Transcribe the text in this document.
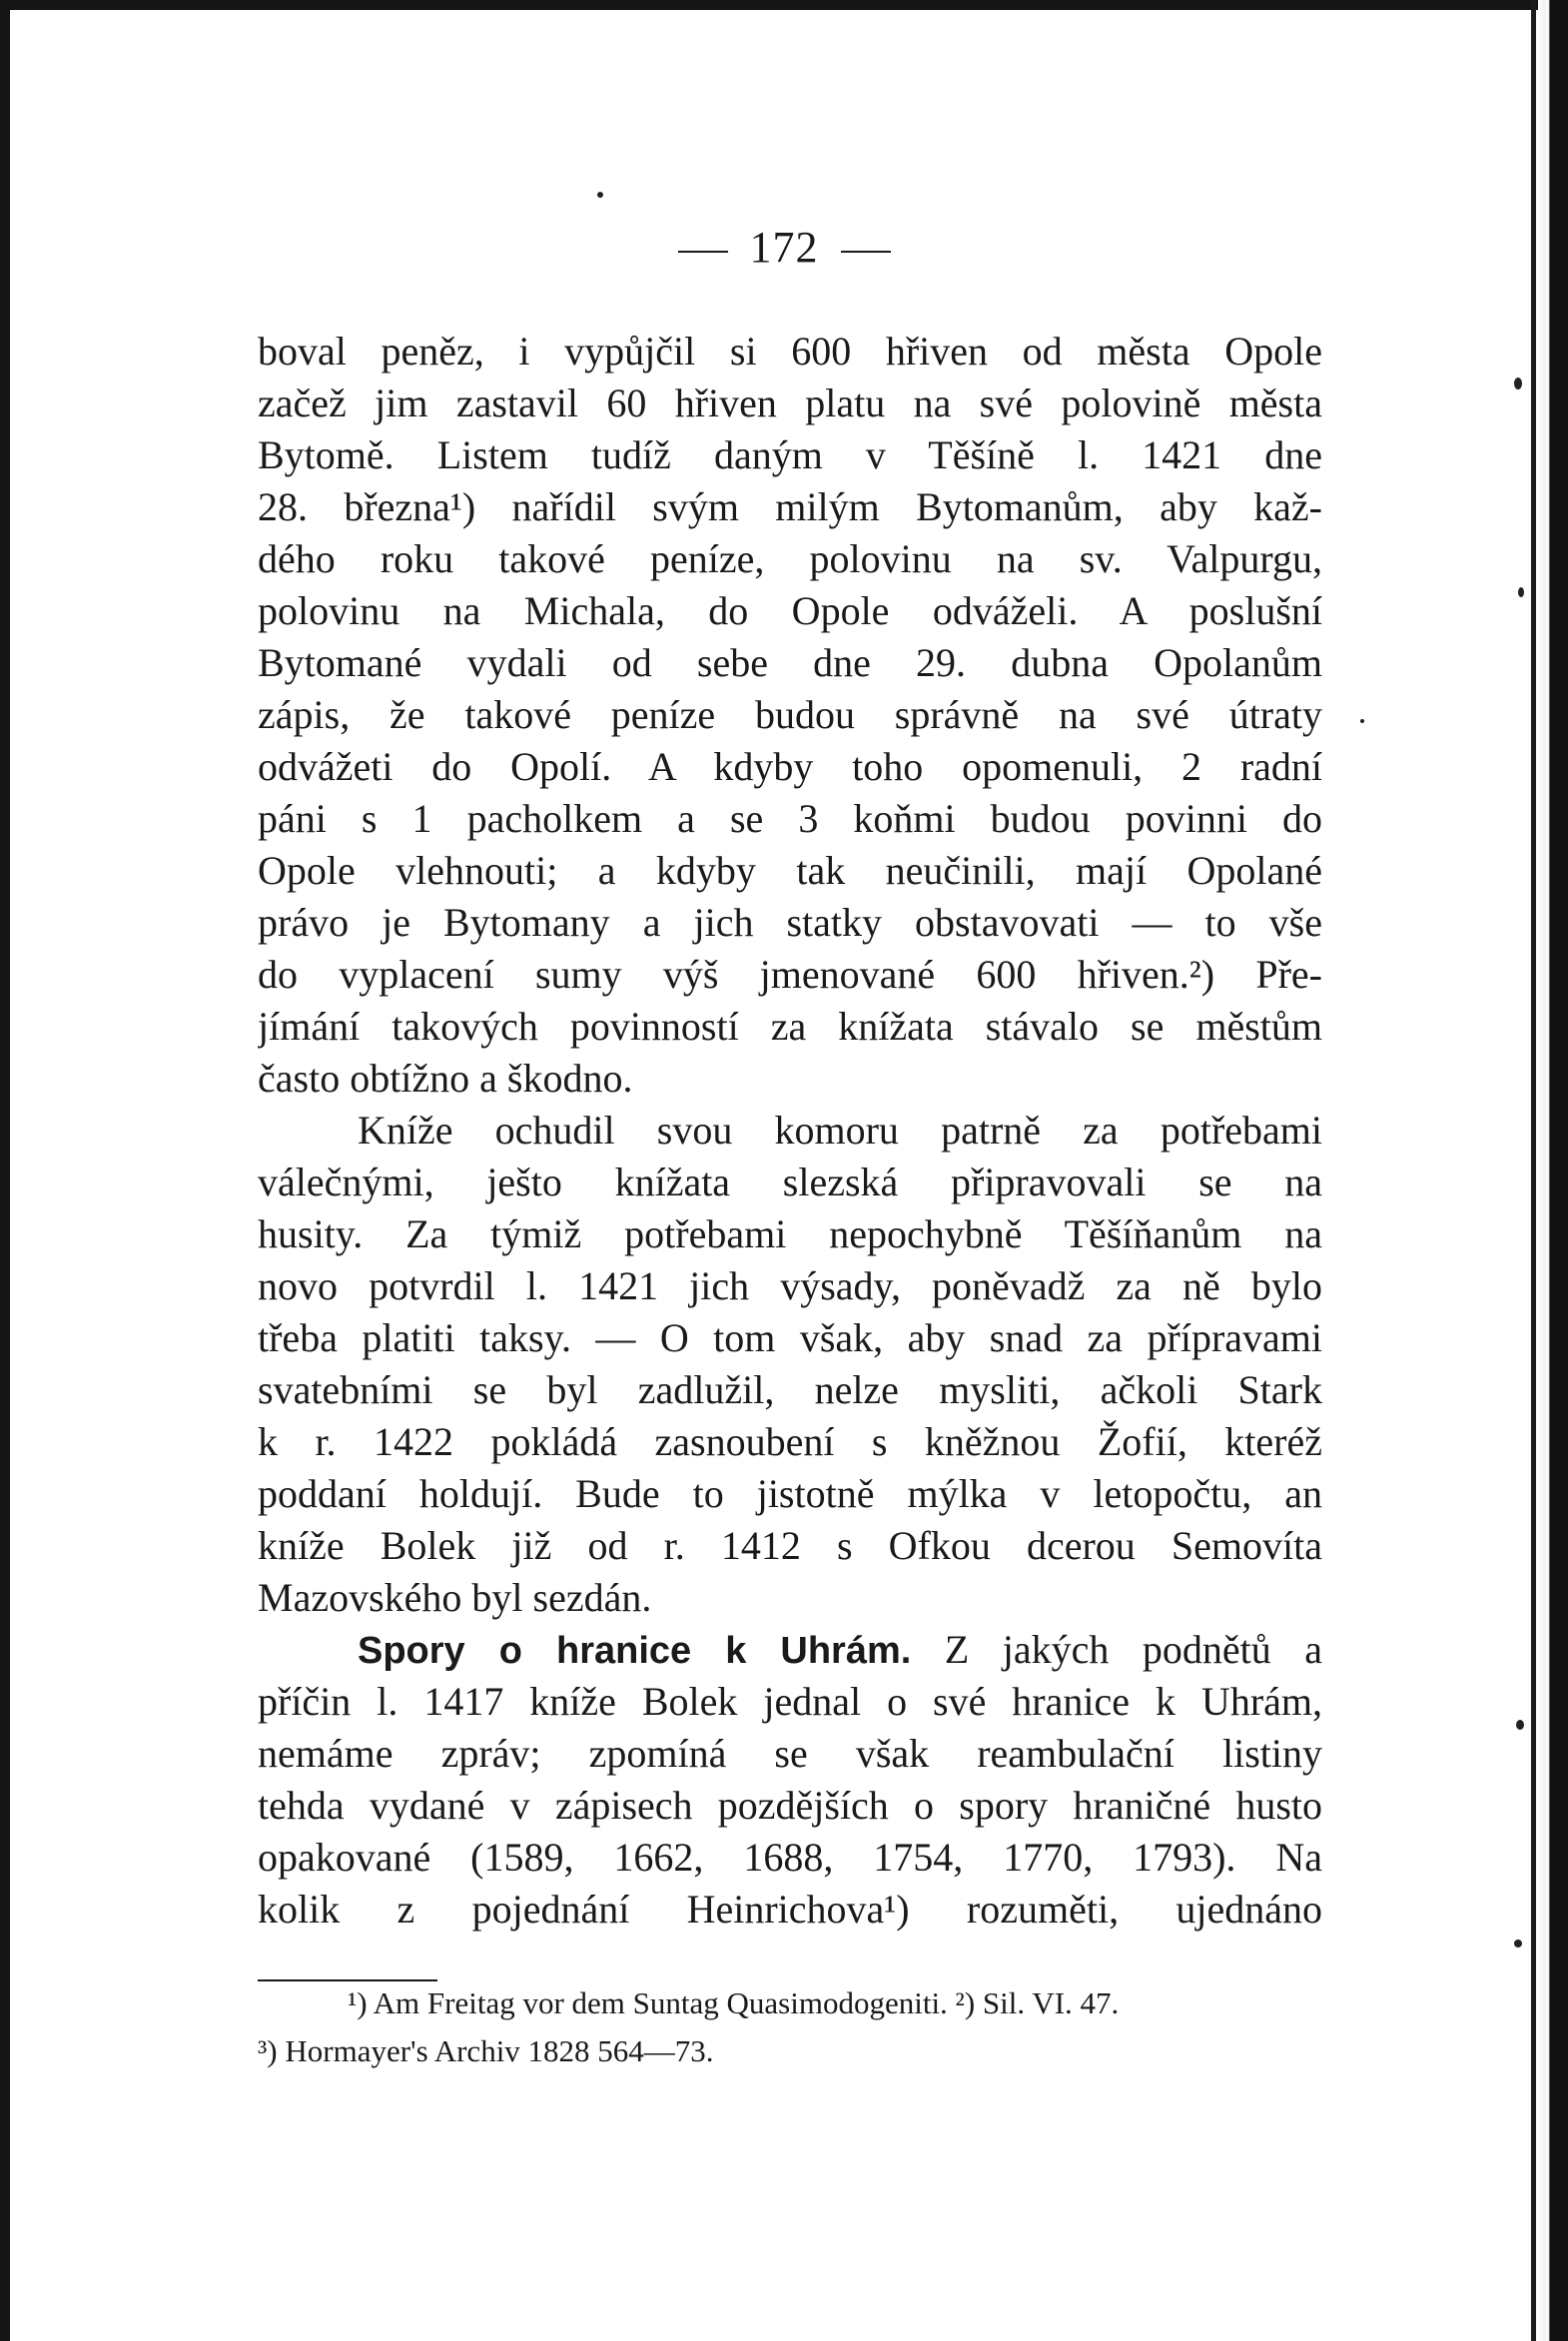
172
boval peněz, i vypůjčil si 600 hřiven od města Opole
začež jim zastavil 60 hřiven platu na své polovině města
Bytomě. Listem tudíž daným v Těšíně l. 1421 dne
28. března¹) nařídil svým milým Bytomanům, aby kaž-
dého roku takové peníze, polovinu na sv. Valpurgu,
polovinu na Michala, do Opole odváželi. A poslušní
Bytomané vydali od sebe dne 29. dubna Opolanům
zápis, že takové peníze budou správně na své útraty
odvážeti do Opolí. A kdyby toho opomenuli, 2 radní
páni s 1 pacholkem a se 3 koňmi budou povinni do
Opole vlehnouti; a kdyby tak neučinili, mají Opolané
právo je Bytomany a jich statky obstavovati — to vše
do vyplacení sumy výš jmenované 600 hřiven.²) Pře-
jímání takových povinností za knížata stávalo se městům
často obtížno a škodno.
Kníže ochudil svou komoru patrně za potřebami
válečnými, ješto knížata slezská připravovali se na
husity. Za týmiž potřebami nepochybně Těšíňanům na
novo potvrdil l. 1421 jich výsady, poněvadž za ně bylo
třeba platiti taksy. — O tom však, aby snad za přípravami
svatebními se byl zadlužil, nelze mysliti, ačkoli Stark
k r. 1422 pokládá zasnoubení s kněžnou Žofií, kteréž
poddaní holdují. Bude to jistotně mýlka v letopočtu, an
kníže Bolek již od r. 1412 s Ofkou dcerou Semovíta
Mazovského byl sezdán.
Spory o hranice k Uhrám. Z jakých podnětů a
příčin l. 1417 kníže Bolek jednal o své hranice k Uhrám,
nemáme zpráv; zpomíná se však reambulační listiny
tehda vydané v zápisech pozdějších o spory hraničné husto
opakované (1589, 1662, 1688, 1754, 1770, 1793). Na
kolik z pojednání Heinrichova¹) rozuměti, ujednáno
¹) Am Freitag vor dem Suntag Quasimodogeniti. ²) Sil. VI. 47.
³) Hormayer's Archiv 1828 564—73.
